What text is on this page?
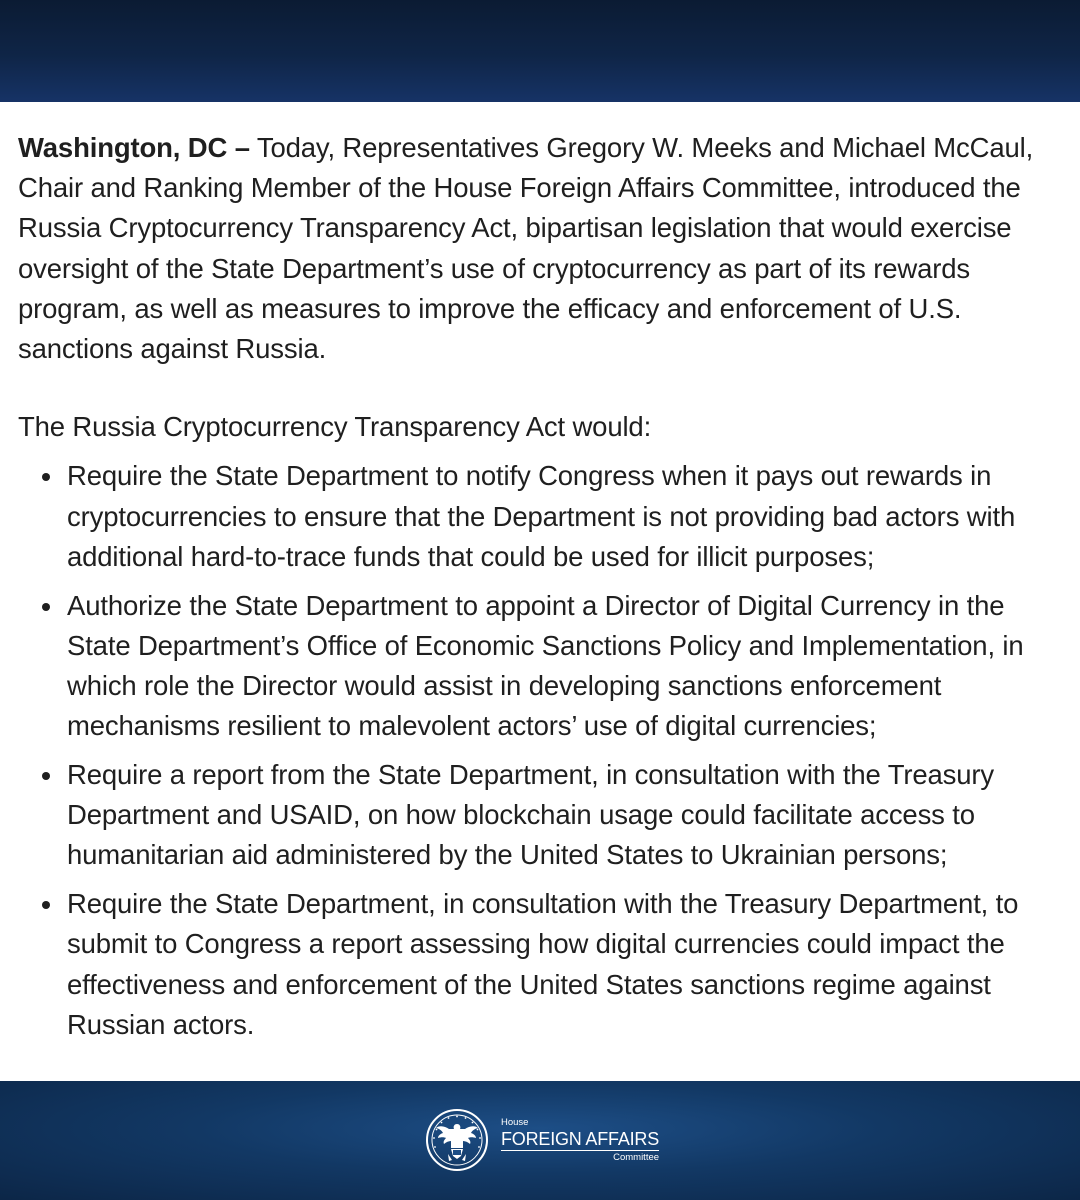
Washington, DC – Today, Representatives Gregory W. Meeks and Michael McCaul, Chair and Ranking Member of the House Foreign Affairs Committee, introduced the Russia Cryptocurrency Transparency Act, bipartisan legislation that would exercise oversight of the State Department’s use of cryptocurrency as part of its rewards program, as well as measures to improve the efficacy and enforcement of U.S. sanctions against Russia.

The Russia Cryptocurrency Transparency Act would:

Require the State Department to notify Congress when it pays out rewards in cryptocurrencies to ensure that the Department is not providing bad actors with additional hard-to-trace funds that could be used for illicit purposes;
Authorize the State Department to appoint a Director of Digital Currency in the State Department’s Office of Economic Sanctions Policy and Implementation, in which role the Director would assist in developing sanctions enforcement mechanisms resilient to malevolent actors’ use of digital currencies;
Require a report from the State Department, in consultation with the Treasury Department and USAID, on how blockchain usage could facilitate access to humanitarian aid administered by the United States to Ukrainian persons;
Require the State Department, in consultation with the Treasury Department, to submit to Congress a report assessing how digital currencies could impact the effectiveness and enforcement of the United States sanctions regime against Russian actors.
House
FOREIGN AFFAIRS
Committee
